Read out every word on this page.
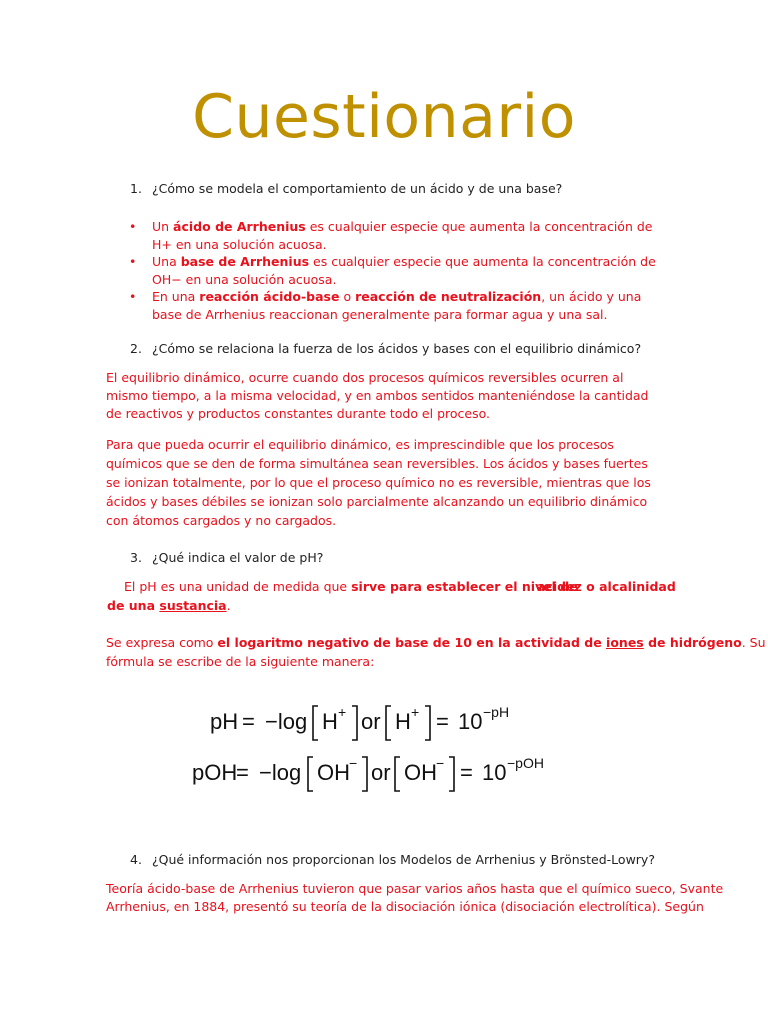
Cuestionario
1. ¿Cómo se modela el comportamiento de un ácido y de una base?
• Un ácido de Arrhenius es cualquier especie que aumenta la concentración de H+ en una solución acuosa.
• Una base de Arrhenius es cualquier especie que aumenta la concentración de OH− en una solución acuosa.
• En una reacción ácido-base o reacción de neutralización, un ácido y una base de Arrhenius reaccionan generalmente para formar agua y una sal.
2. ¿Cómo se relaciona la fuerza de los ácidos y bases con el equilibrio dinámico?
El equilibrio dinámico, ocurre cuando dos procesos químicos reversibles ocurren al mismo tiempo, a la misma velocidad, y en ambos sentidos manteniéndose la cantidad de reactivos y productos constantes durante todo el proceso.
Para que pueda ocurrir el equilibrio dinámico, es imprescindible que los procesos químicos que se den de forma simultánea sean reversibles. Los ácidos y bases fuertes se ionizan totalmente, por lo que el proceso químico no es reversible, mientras que los ácidos y bases débiles se ionizan solo parcialmente alcanzando un equilibrio dinámico con átomos cargados y no cargados.
3. ¿Qué indica el valor de pH?
El pH es una unidad de medida que sirve para establecer el nivel de
acidez o alcalinidad
de una sustancia.
Se expresa como el logaritmo negativo de base de 10 en la actividad de iones de hidrógeno. Su
fórmula se escribe de la siguiente manera:
pH = −log H + or H + = 10 −pH
pOH
= −log OH − or OH − = 10 −pOH
4. ¿Qué información nos proporcionan los Modelos de Arrhenius y Brönsted-Lowry?
Teoría ácido-base de Arrhenius tuvieron que pasar varios años hasta que el químico sueco, Svante
Arrhenius, en 1884, presentó su teoría de la disociación iónica (disociación electrolítica). Según
